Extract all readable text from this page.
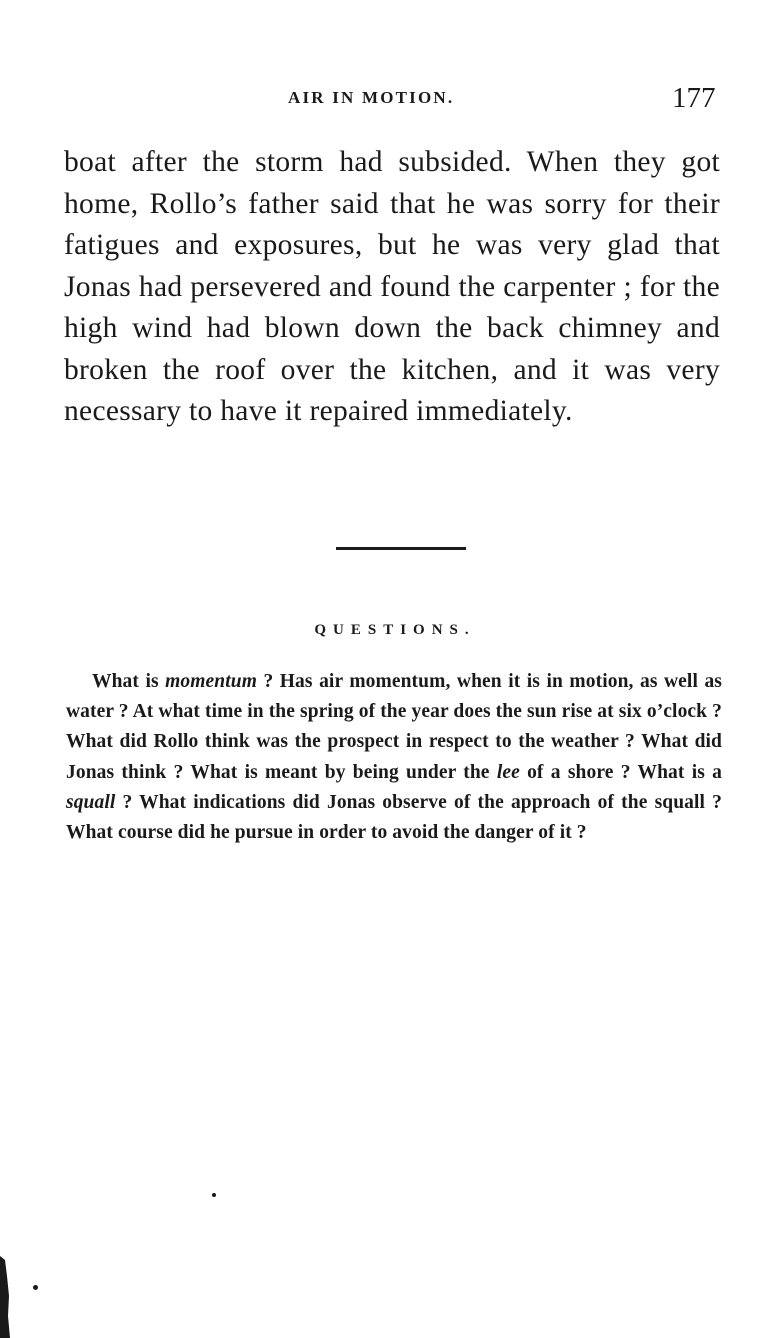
AIR IN MOTION.	177

boat after the storm had subsided. When they got home, Rollo’s father said that he was sorry for their fatigues and exposures, but he was very glad that Jonas had persevered and found the carpenter ; for the high wind had blown down the back chimney and broken the roof over the kitchen, and it was very necessary to have it repaired immediately.

QUESTIONS.

What is momentum ? Has air momentum, when it is in motion, as well as water ? At what time in the spring of the year does the sun rise at six o’clock ? What did Rollo think was the prospect in respect to the weather ? What did Jonas think ? What is meant by being under the lee of a shore ? What is a squall ? What indications did Jonas observe of the approach of the squall ? What course did he pursue in order to avoid the danger of it ?
